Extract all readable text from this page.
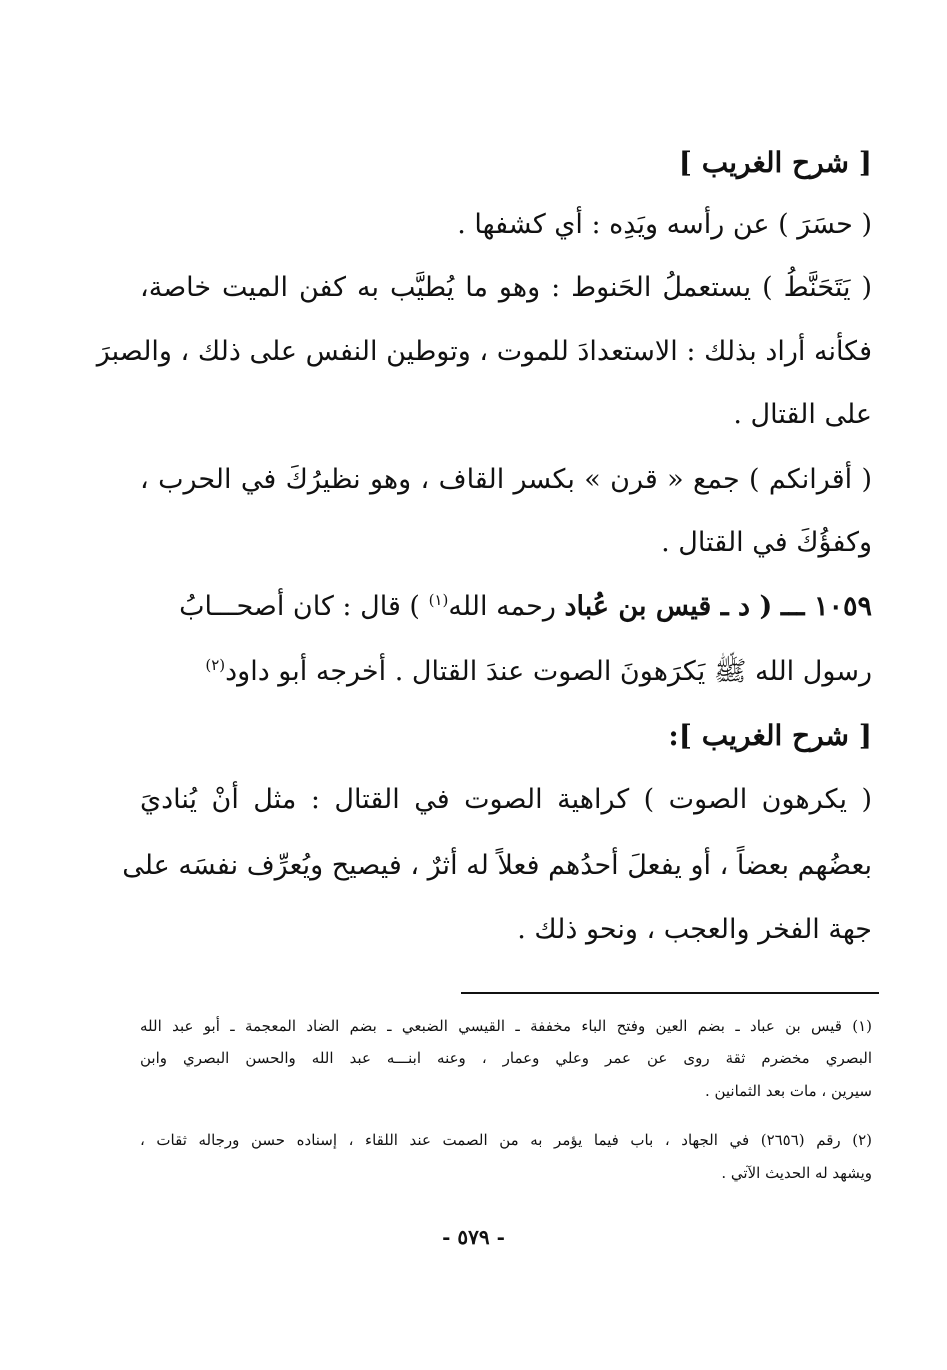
[ شرح الغريب ]
( حسَرَ ) عن رأسه ويَدِه : أي كشفها .
( يَتَحَنَّطُ ) يستعملُ الحَنوط : وهو ما يُطيَّب به كفن الميت خاصة،
فكأنه أراد بذلك : الاستعدادَ للموت ، وتوطين النفس على ذلك ، والصبرَ
على القتال .
( أقرانكم ) جمع « قرن » بكسر القاف ، وهو نظيرُكَ في الحرب ،
وكفؤُكَ في القتال .
١٠٥٩ ـــ ( د ـ قيس بن عُباد رحمه الله$^{(١)}$ ) قال : كان أصحـــابُ
رسول الله ﷺ يَكرَهونَ الصوت عندَ القتال . أخرجه أبو داود$^{(٢)}$
[ شرح الغريب ]:
( يكرهون الصوت ) كراهية الصوت في القتال : مثل أنْ يُناديَ
بعضُهم بعضاً ، أو يفعلَ أحدُهم فعلاً له أثرٌ ، فيصيح ويُعرِّف نفسَه على
جهة الفخر والعجب ، ونحو ذلك .
(١) قيس بن عباد ـ بضم العين وفتح الباء مخففة ـ القيسي الضبعي ـ بضم الضاد المعجمة ـ أبو عبد الله
البصري مخضرم ثقة روى عن عمر وعلي وعمار ، وعنه ابنـــه عبد الله والحسن البصري وابن
سيرين ، مات بعد الثمانين .
(٢) رقم (٢٦٥٦) في الجهاد ، باب فيما يؤمر به من الصمت عند اللقاء ، إسناده حسن ورجاله ثقات ،
ويشهد له الحديث الآتي .
- ٥٧٩ -
